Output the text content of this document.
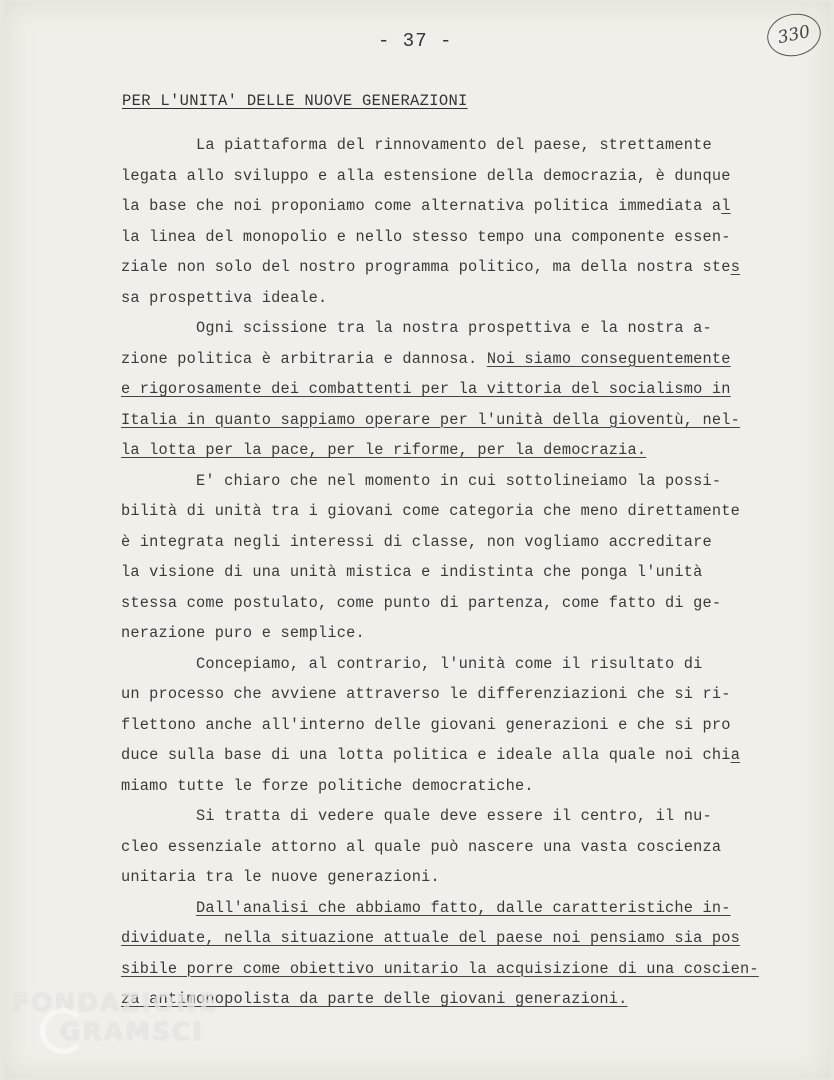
- 37 -	330
PER L'UNITA' DELLE NUOVE GENERAZIONI
La piattaforma del rinnovamento del paese, strettamente
legata allo sviluppo e alla estensione della democrazia, è dunque
la base che noi proponiamo come alternativa politica immediata al
la linea del monopolio e nello stesso tempo una componente essen-
ziale non solo del nostro programma politico, ma della nostra stes
sa prospettiva ideale.
Ogni scissione tra la nostra prospettiva e la nostra a-
zione politica è arbitraria e dannosa. Noi siamo conseguentemente
e rigorosamente dei combattenti per la vittoria del socialismo in
Italia in quanto sappiamo operare per l'unità della gioventù, nel-
la lotta per la pace, per le riforme, per la democrazia.
E' chiaro che nel momento in cui sottolineiamo la possi-
bilità di unità tra i giovani come categoria che meno direttamente
è integrata negli interessi di classe, non vogliamo accreditare
la visione di una unità mistica e indistinta che ponga l'unità
stessa come postulato, come punto di partenza, come fatto di ge-
nerazione puro e semplice.
Concepiamo, al contrario, l'unità come il risultato di
un processo che avviene attraverso le differenziazioni che si ri-
flettono anche all'interno delle giovani generazioni e che si pro
duce sulla base di una lotta politica e ideale alla quale noi chia
miamo tutte le forze politiche democratiche.
Si tratta di vedere quale deve essere il centro, il nu-
cleo essenziale attorno al quale può nascere una vasta coscienza
unitaria tra le nuove generazioni.
Dall'analisi che abbiamo fatto, dalle caratteristiche in-
dividuate, nella situazione attuale del paese noi pensiamo sia pos
sibile porre come obiettivo unitario la acquisizione di una coscien-
za antimonopolista da parte delle giovani generazioni.
FONDAZIONE
GRAMSCI
